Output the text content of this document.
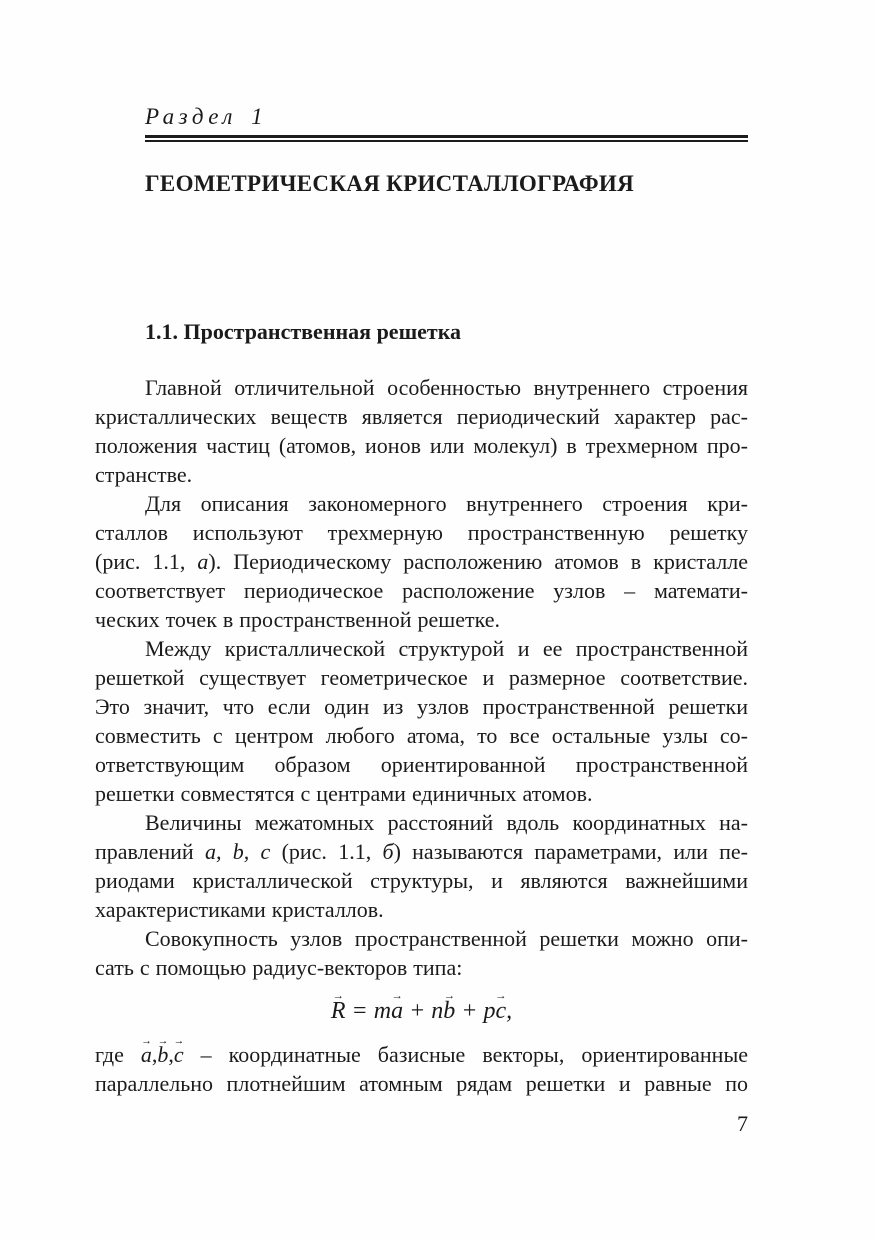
Раздел 1
ГЕОМЕТРИЧЕСКАЯ КРИСТАЛЛОГРАФИЯ
1.1. Пространственная решетка
Главной отличительной особенностью внутреннего строения
кристаллических веществ является периодический характер рас-
положения частиц (атомов, ионов или молекул) в трехмерном про-
странстве.
Для описания закономерного внутреннего строения кри-
сталлов используют трехмерную пространственную решетку
(рис. 1.1, а). Периодическому расположению атомов в кристалле
соответствует периодическое расположение узлов – математи-
ческих точек в пространственной решетке.
Между кристаллической структурой и ее пространственной
решеткой существует геометрическое и размерное соответствие.
Это значит, что если один из узлов пространственной решетки
совместить с центром любого атома, то все остальные узлы со-
ответствующим образом ориентированной пространственной
решетки совместятся с центрами единичных атомов.
Величины межатомных расстояний вдоль координатных на-
правлений a, b, c (рис. 1.1, б) называются параметрами, или пе-
риодами кристаллической структуры, и являются важнейшими
характеристиками кристаллов.
Совокупность узлов пространственной решетки можно опи-
сать с помощью радиус-векторов типа:
R → = ma → + nb → + pc →,
где a →,b →,c → – координатные базисные векторы, ориентированные
параллельно плотнейшим атомным рядам решетки и равные по
7
